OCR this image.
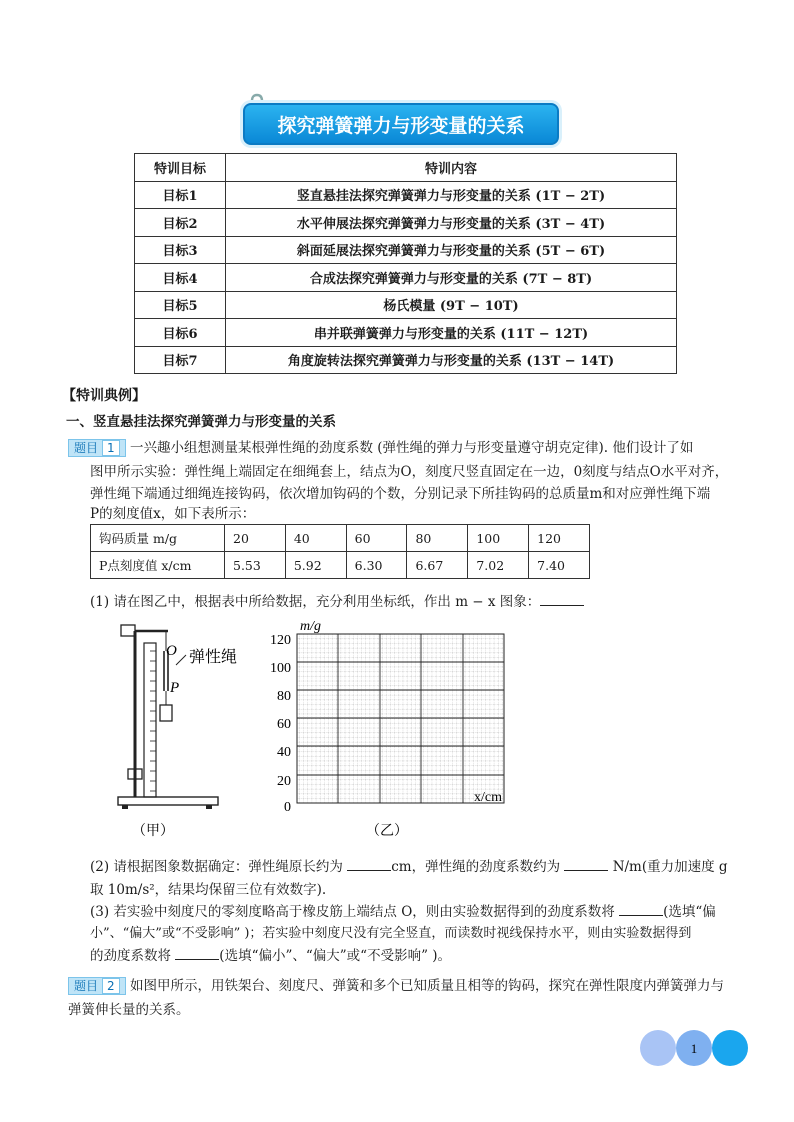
探究弹簧弹力与形变量的关系
特训目标	特训内容
目标1	竖直悬挂法探究弹簧弹力与形变量的关系 (1T − 2T)
目标2	水平伸展法探究弹簧弹力与形变量的关系 (3T − 4T)
目标3	斜面延展法探究弹簧弹力与形变量的关系 (5T − 6T)
目标4	合成法探究弹簧弹力与形变量的关系 (7T − 8T)
目标5	杨氏模量 (9T − 10T)
目标6	串并联弹簧弹力与形变量的关系 (11T − 12T)
目标7	角度旋转法探究弹簧弹力与形变量的关系 (13T − 14T)
【特训典例】
一、竖直悬挂法探究弹簧弹力与形变量的关系
题目 1 一兴趣小组想测量某根弹性绳的劲度系数 (弹性绳的弹力与形变量遵守胡克定律). 他们设计了如
图甲所示实验：弹性绳上端固定在细绳套上，结点为O，刻度尺竖直固定在一边，0刻度与结点O水平对齐，
弹性绳下端通过细绳连接钩码，依次增加钩码的个数，分别记录下所挂钩码的总质量m和对应弹性绳下端
P的刻度值x，如下表所示：
钩码质量 m/g	20	40	60	80	100	120
P点刻度值 x/cm	5.53	5.92	6.30	6.67	7.02	7.40
(1) 请在图乙中，根据表中所给数据，充分利用坐标纸，作出 m − x 图象：
O 弹性绳
P
（甲）
120
100
80
60
40
20
0
m/g
x/cm
（乙）
(2) 请根据图象数据确定：弹性绳原长约为	cm，弹性绳的劲度系数约为	N/m(重力加速度 g
取 10m/s²，结果均保留三位有效数字).
(3) 若实验中刻度尺的零刻度略高于橡皮筋上端结点 O，则由实验数据得到的劲度系数将	(选填“偏
小”、“偏大”或“不受影响” )；若实验中刻度尺没有完全竖直，而读数时视线保持水平，则由实验数据得到
的劲度系数将	(选填“偏小”、“偏大”或“不受影响” )。
题目 2 如图甲所示，用铁架台、刻度尺、弹簧和多个已知质量且相等的钩码，探究在弹性限度内弹簧弹力与
弹簧伸长量的关系。
1
